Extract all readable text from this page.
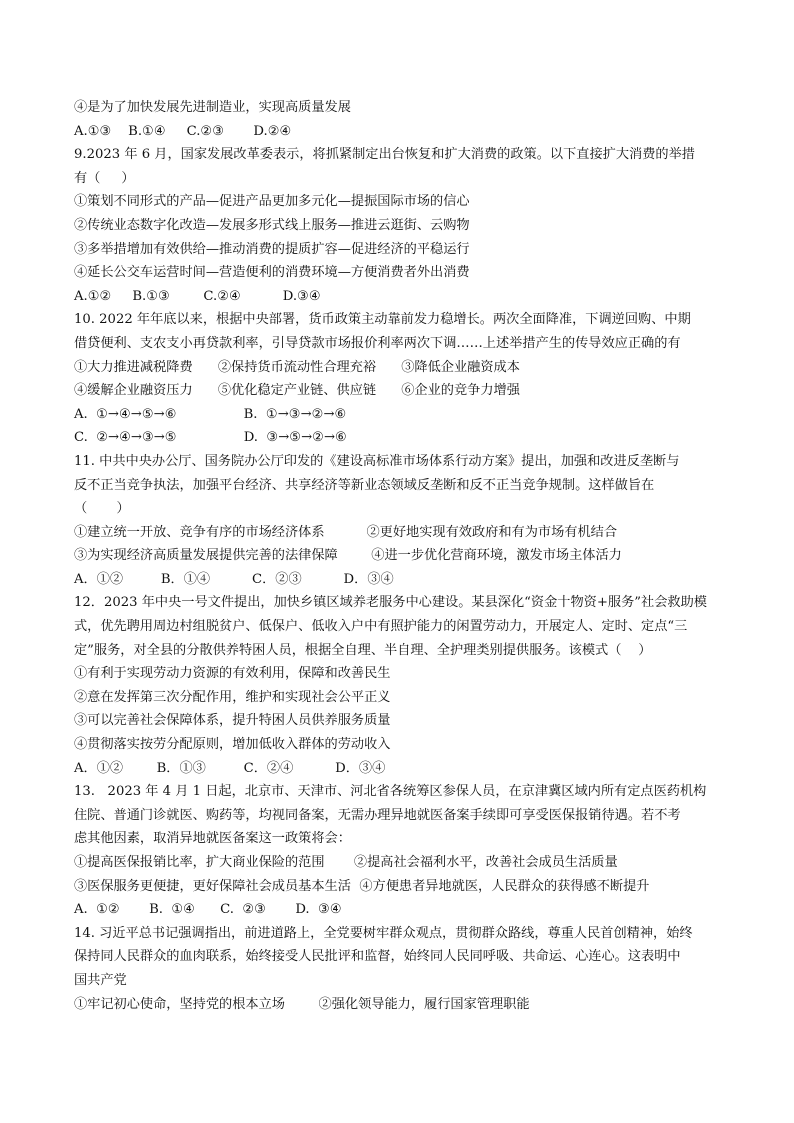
④是为了加快发展先进制造业，实现高质量发展
A.①③    B.①④     C.②③       D.②④
9.2023 年 6 月，国家发展改革委表示，将抓紧制定出台恢复和扩大消费的政策。以下直接扩大消费的举措
有（     ）
①策划不同形式的产品—促进产品更加多元化—提振国际市场的信心
②传统业态数字化改造—发展多形式线上服务—推进云逛街、云购物
③多举措增加有效供给—推动消费的提质扩容—促进经济的平稳运行
④延长公交车运营时间—营造便利的消费环境—方便消费者外出消费
A.①②     B.①③        C.②④          D.③④
10. 2022 年年底以来，根据中央部署，货币政策主动靠前发力稳增长。两次全面降准，下调逆回购、中期
借贷便利、支农支小再贷款利率，引导贷款市场报价利率两次下调……上述举措产生的传导效应正确的有
①大力推进减税降费      ②保持货币流动性合理充裕      ③降低企业融资成本
④缓解企业融资压力      ⑤优化稳定产业链、供应链      ⑥企业的竞争力增强
A.  ①→④→⑤→⑥                B.  ①→③→②→⑥
C.  ②→④→③→⑤                D.  ③→⑤→②→⑥
11. 中共中央办公厅、国务院办公厅印发的《建设高标准市场体系行动方案》提出，加强和改进反垄断与
反不正当竞争执法，加强平台经济、共享经济等新业态领域反垄断和反不正当竞争规制。这样做旨在
（       ）
①建立统一开放、竞争有序的市场经济体系          ②更好地实现有效政府和有为市场有机结合
③为实现经济高质量发展提供完善的法律保障        ④进一步优化营商环境，激发市场主体活力
A．①②         B．①④          C．②③          D．③④
12．2023 年中央一号文件提出，加快乡镇区域养老服务中心建设。某县深化“资金十物资+服务”社会救助模
式，优先聘用周边村组脱贫户、低保户、低收入户中有照护能力的闲置劳动力，开展定人、定时、定点“三
定”服务，对全县的分散供养特困人员，根据全自理、半自理、全护理类别提供服务。该模式（    ）
①有利于实现劳动力资源的有效利用，保障和改善民生
②意在发挥第三次分配作用，维护和实现社会公平正义
③可以完善社会保障体系，提升特困人员供养服务质量
④贯彻落实按劳分配原则，增加低收入群体的劳动收入
A．①②        B．①③         C．②④          D．③④
13.   2023 年 4 月 1 日起，北京市、天津市、河北省各统筹区参保人员，在京津冀区域内所有定点医药机构
住院、普通门诊就医、购药等，均视同备案，无需办理异地就医备案手续即可享受医保报销待遇。若不考
虑其他因素，取消异地就医备案这一政策将会：
①提高医保报销比率，扩大商业保险的范围       ②提高社会福利水平，改善社会成员生活质量
③医保服务更便捷，更好保障社会成员基本生活  ④方便患者异地就医，人民群众的获得感不断提升
A.  ①②       B.  ①④      C.  ②③       D.  ③④
14. 习近平总书记强调指出，前进道路上，全党要树牢群众观点，贯彻群众路线，尊重人民首创精神，始终
保持同人民群众的血肉联系，始终接受人民批评和监督，始终同人民同呼吸、共命运、心连心。这表明中
国共产党
①牢记初心使命，坚持党的根本立场        ②强化领导能力，履行国家管理职能
